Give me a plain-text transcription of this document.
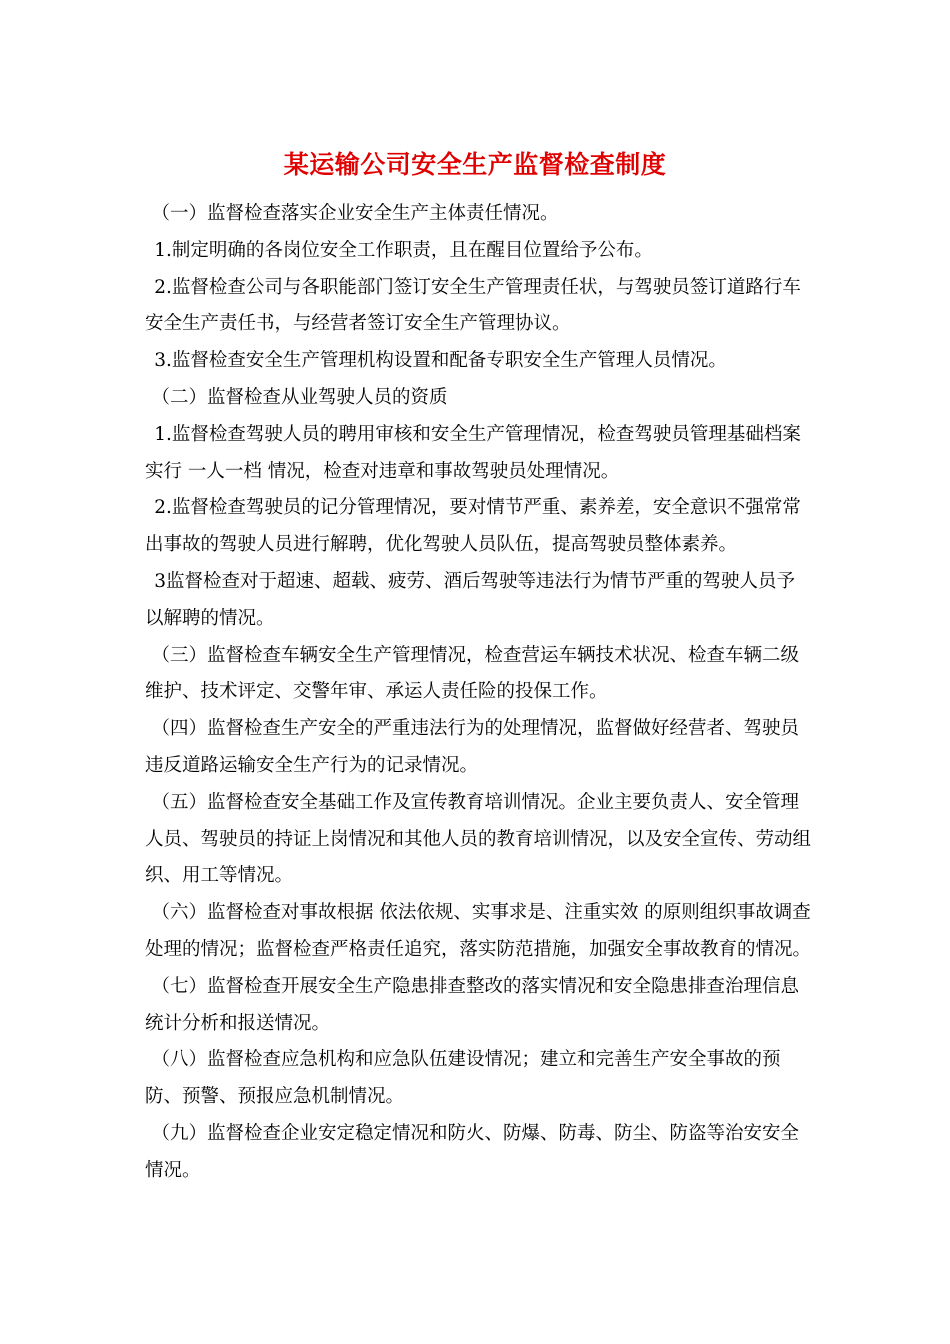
某运输公司安全生产监督检查制度

（一）监督检查落实企业安全生产主体责任情况。

1.制定明确的各岗位安全工作职责，且在醒目位置给予公布。

2.监督检查公司与各职能部门签订安全生产管理责任状，与驾驶员签订道路行车安全生产责任书，与经营者签订安全生产管理协议。

3.监督检查安全生产管理机构设置和配备专职安全生产管理人员情况。

（二）监督检查从业驾驶人员的资质

1.监督检查驾驶人员的聘用审核和安全生产管理情况，检查驾驶员管理基础档案实行 一人一档 情况，检查对违章和事故驾驶员处理情况。

2.监督检查驾驶员的记分管理情况，要对情节严重、素养差，安全意识不强常常出事故的驾驶人员进行解聘，优化驾驶人员队伍，提高驾驶员整体素养。

3监督检查对于超速、超载、疲劳、酒后驾驶等违法行为情节严重的驾驶人员予以解聘的情况。

（三）监督检查车辆安全生产管理情况，检查营运车辆技术状况、检查车辆二级维护、技术评定、交警年审、承运人责任险的投保工作。

（四）监督检查生产安全的严重违法行为的处理情况，监督做好经营者、驾驶员违反道路运输安全生产行为的记录情况。

（五）监督检查安全基础工作及宣传教育培训情况。企业主要负责人、安全管理人员、驾驶员的持证上岗情况和其他人员的教育培训情况，以及安全宣传、劳动组织、用工等情况。

（六）监督检查对事故根据 依法依规、实事求是、注重实效 的原则组织事故调查处理的情况；监督检查严格责任追究，落实防范措施，加强安全事故教育的情况。

（七）监督检查开展安全生产隐患排查整改的落实情况和安全隐患排查治理信息统计分析和报送情况。

（八）监督检查应急机构和应急队伍建设情况；建立和完善生产安全事故的预防、预警、预报应急机制情况。

（九）监督检查企业安定稳定情况和防火、防爆、防毒、防尘、防盗等治安安全情况。
